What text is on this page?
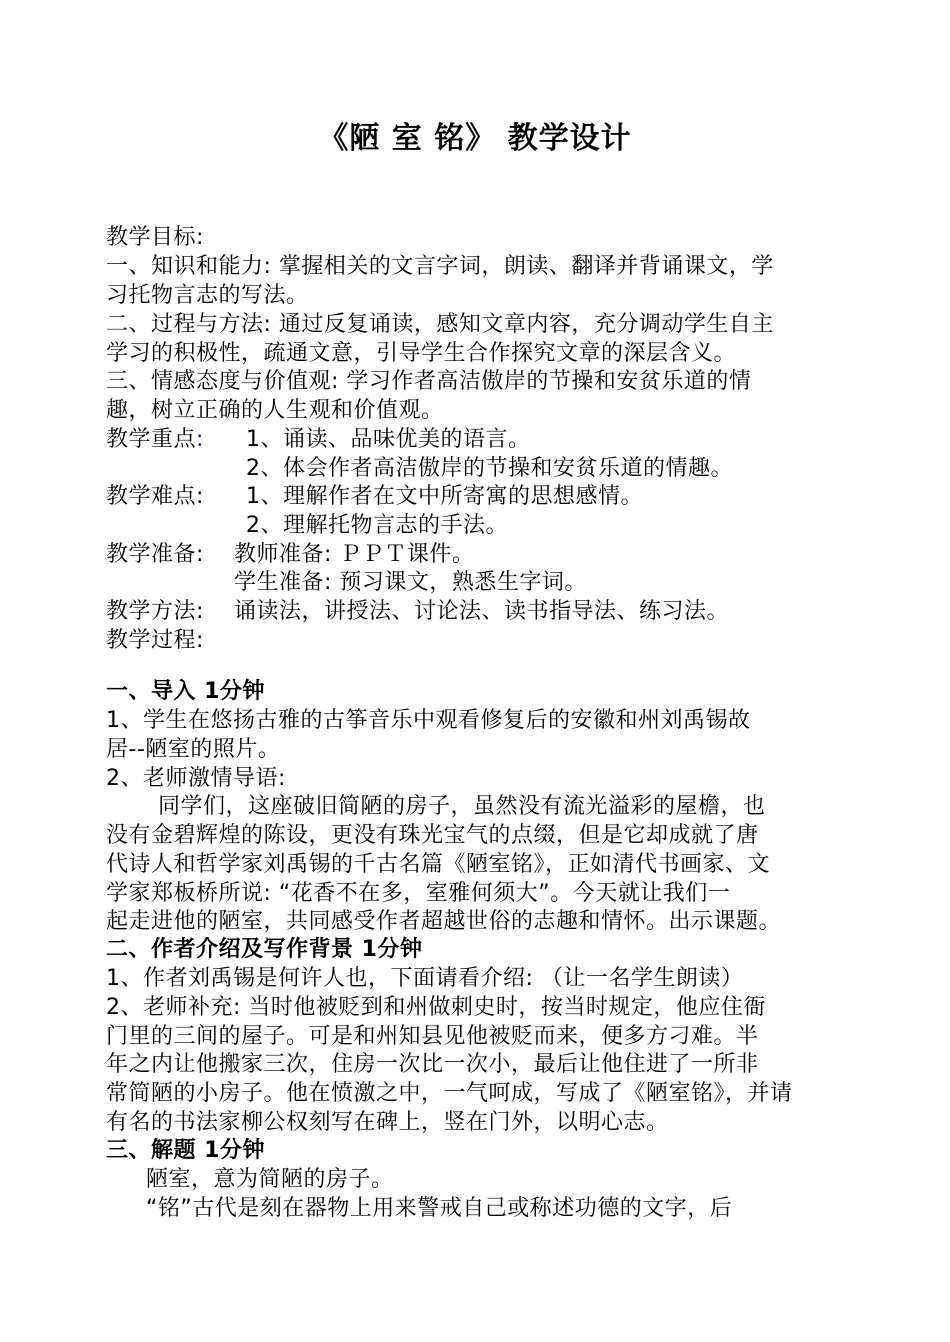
《陋 室 铭》 教学设计
教学目标:
一、知识和能力: 掌握相关的文言字词，朗读、翻译并背诵课文，学
习托物言志的写法。
二、过程与方法: 通过反复诵读，感知文章内容，充分调动学生自主
学习的积极性，疏通文意，引导学生合作探究文章的深层含义。
三、情感态度与价值观: 学习作者高洁傲岸的节操和安贫乐道的情
趣，树立正确的人生观和价值观。
教学重点: 1、诵读、品味优美的语言。
2、体会作者高洁傲岸的节操和安贫乐道的情趣。
教学难点: 1、理解作者在文中所寄寓的思想感情。
2、理解托物言志的手法。
教学准备: 教师准备: ＰＰＴ课件。
学生准备: 预习课文，熟悉生字词。
教学方法: 诵读法，讲授法、讨论法、读书指导法、练习法。
教学过程:
一、导入 1分钟
1、学生在悠扬古雅的古筝音乐中观看修复后的安徽和州刘禹锡故
居--陋室的照片。
2、老师激情导语:
同学们，这座破旧简陋的房子，虽然没有流光溢彩的屋檐，也
没有金碧辉煌的陈设，更没有珠光宝气的点缀，但是它却成就了唐
代诗人和哲学家刘禹锡的千古名篇《陋室铭》，正如清代书画家、文
学家郑板桥所说: “花香不在多，室雅何须大”。今天就让我们一
起走进他的陋室，共同感受作者超越世俗的志趣和情怀。出示课题。
二、作者介绍及写作背景 1分钟
1、作者刘禹锡是何许人也，下面请看介绍: （让一名学生朗读）
2、老师补充: 当时他被贬到和州做刺史时，按当时规定，他应住衙
门里的三间的屋子。可是和州知县见他被贬而来，便多方刁难。半
年之内让他搬家三次，住房一次比一次小，最后让他住进了一所非
常简陋的小房子。他在愤激之中，一气呵成，写成了《陋室铭》，并请
有名的书法家柳公权刻写在碑上，竖在门外，以明心志。
三、解题 1分钟
陋室，意为简陋的房子。
“铭”古代是刻在器物上用来警戒自己或称述功德的文字，后
